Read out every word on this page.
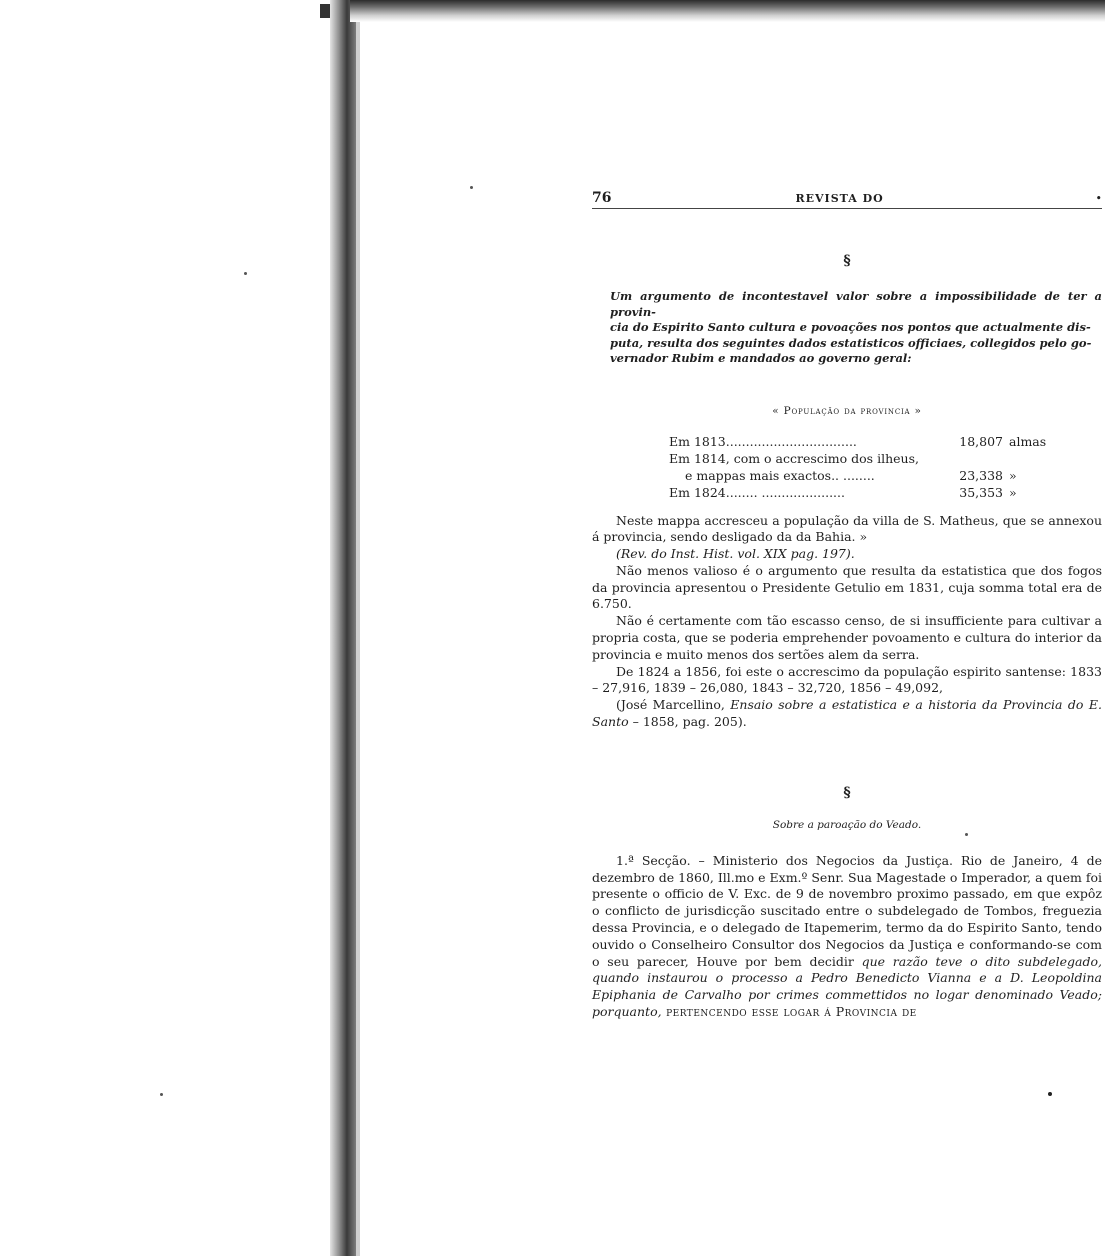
76	REVISTA DO	•
§
Um argumento de incontestavel valor sobre a impossibilidade de ter a provin-
cia do Espirito Santo cultura e povoações nos pontos que actualmente dis-
puta, resulta dos seguintes dados estatisticos officiaes, collegidos pelo go-
vernador Rubim e mandados ao governo geral:
« População da provincia »
Em 1813.................................	18,807	almas
Em 1814, com o accrescimo dos ilheus,		
e mappas mais exactos.. ........	23,338	»
Em 1824........ .....................	35,353	»

Neste mappa accresceu a população da villa de S. Matheus, que se annexou á provincia, sendo desligado da da Bahia. »

(Rev. do Inst. Hist. vol. XIX pag. 197).

Não menos valioso é o argumento que resulta da estatistica que dos fogos da provincia apresentou o Presidente Getulio em 1831, cuja somma total era de 6.750.

Não é certamente com tão escasso censo, de si insufficiente para cultivar a propria costa, que se poderia emprehender povoamento e cultura do interior da provincia e muito menos dos sertões alem da serra.

De 1824 a 1856, foi este o accrescimo da população espirito santense: 1833 – 27,916, 1839 – 26,080, 1843 – 32,720, 1856 – 49,092,

(José Marcellino, Ensaio sobre a estatistica e a historia da Provincia do E. Santo – 1858, pag. 205).

§
Sobre a paroação do Veado.

1.ª Secção. – Ministerio dos Negocios da Justiça. Rio de Janeiro, 4 de dezembro de 1860, Ill.mo e Exm.º Senr. Sua Magestade o Imperador, a quem foi presente o officio de V. Exc. de 9 de novembro proximo passado, em que expôz o conflicto de jurisdicção suscitado entre o subdelegado de Tombos, freguezia dessa Provincia, e o delegado de Itapemerim, termo da do Espirito Santo, tendo ouvido o Conselheiro Consultor dos Negocios da Justiça e conformando-se com o seu parecer, Houve por bem decidir que razão teve o dito subdelegado, quando instaurou o processo a Pedro Benedicto Vianna e a D. Leopoldina Epiphania de Carvalho por crimes commettidos no logar denominado Veado; porquanto, pertencendo esse logar á Provincia de
